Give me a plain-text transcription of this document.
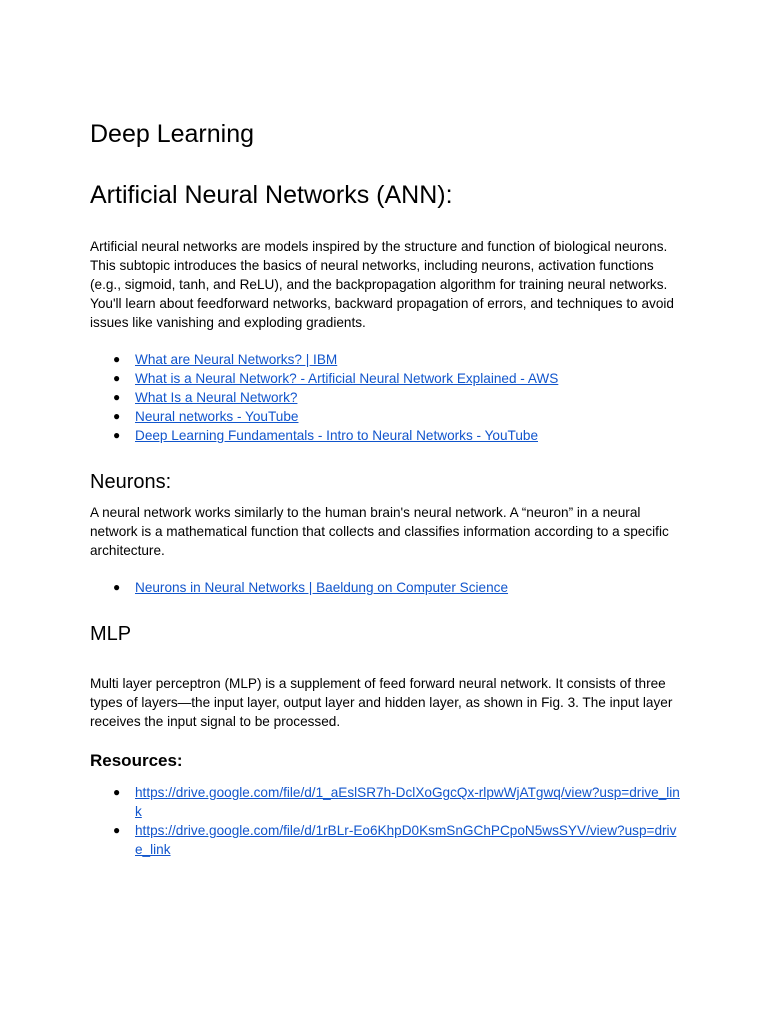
Deep Learning
Artificial Neural Networks (ANN):

Artificial neural networks are models inspired by the structure and function of biological neurons. This subtopic introduces the basics of neural networks, including neurons, activation functions (e.g., sigmoid, tanh, and ReLU), and the backpropagation algorithm for training neural networks. You'll learn about feedforward networks, backward propagation of errors, and techniques to avoid issues like vanishing and exploding gradients.

● What are Neural Networks? | IBM
● What is a Neural Network? - Artificial Neural Network Explained - AWS
● What Is a Neural Network?
● Neural networks - YouTube
● Deep Learning Fundamentals - Intro to Neural Networks - YouTube
Neurons:

A neural network works similarly to the human brain's neural network. A “neuron” in a neural network is a mathematical function that collects and classifies information according to a specific architecture.

● Neurons in Neural Networks | Baeldung on Computer Science
MLP

Multi layer perceptron (MLP) is a supplement of feed forward neural network. It consists of three types of layers—the input layer, output layer and hidden layer, as shown in Fig. 3. The input layer receives the input signal to be processed.

Resources:
● https://drive.google.com/file/d/1_aEslSR7h-DclXoGgcQx-rlpwWjATgwq/view?usp=drive_link
● https://drive.google.com/file/d/1rBLr-Eo6KhpD0KsmSnGChPCpoN5wsSYV/view?usp=drive_link
